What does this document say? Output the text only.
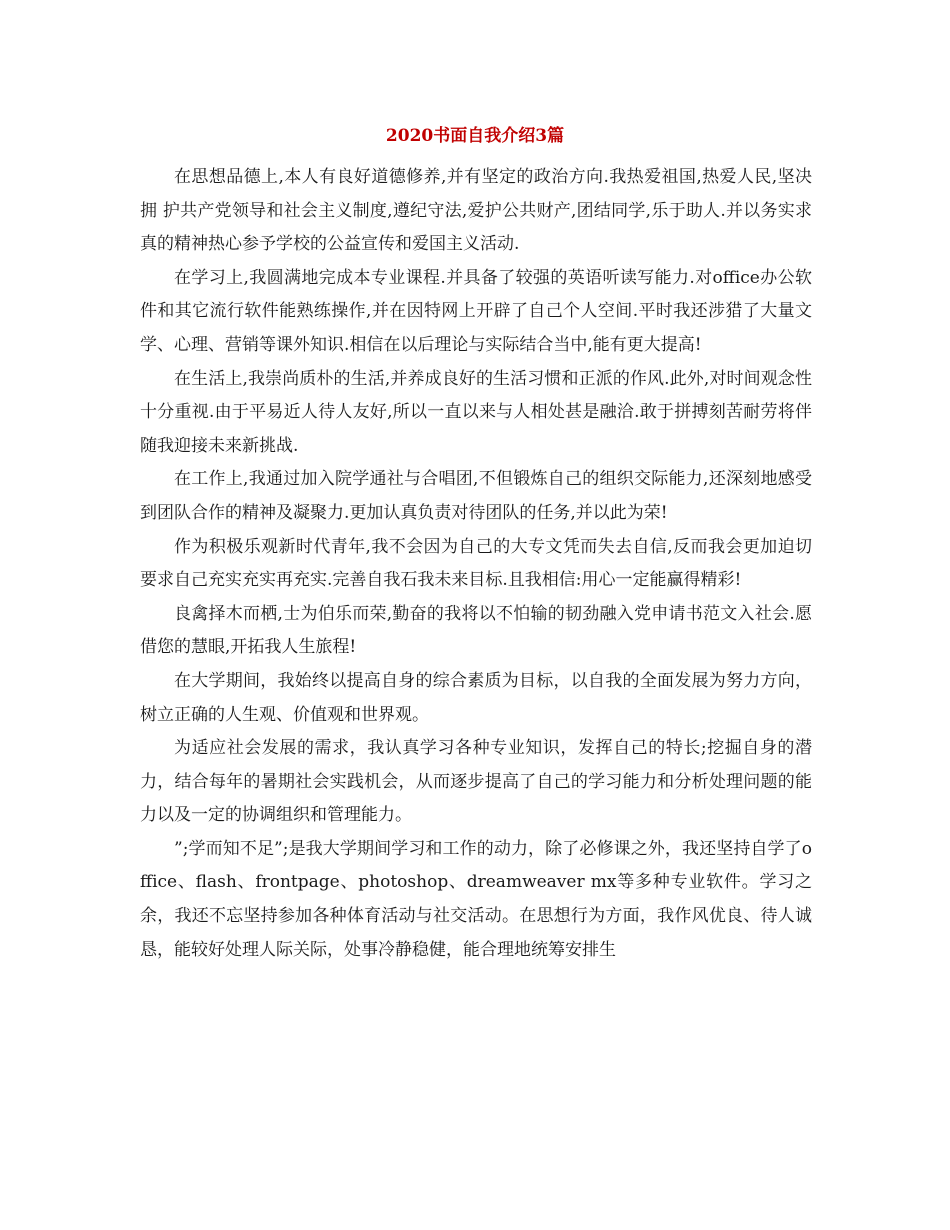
2020书面自我介绍3篇

在思想品德上,本人有良好道德修养,并有坚定的政治方向.我热爱祖国,热爱人民,坚决拥 护共产党领导和社会主义制度,遵纪守法,爱护公共财产,团结同学,乐于助人.并以务实求真的精神热心参予学校的公益宣传和爱国主义活动.

在学习上,我圆满地完成本专业课程.并具备了较强的英语听读写能力.对office办公软件和其它流行软件能熟练操作,并在因特网上开辟了自己个人空间.平时我还涉猎了大量文学、心理、营销等课外知识.相信在以后理论与实际结合当中,能有更大提高!

在生活上,我崇尚质朴的生活,并养成良好的生活习惯和正派的作风.此外,对时间观念性十分重视.由于平易近人待人友好,所以一直以来与人相处甚是融洽.敢于拼搏刻苦耐劳将伴随我迎接未来新挑战.

在工作上,我通过加入院学通社与合唱团,不但锻炼自己的组织交际能力,还深刻地感受到团队合作的精神及凝聚力.更加认真负责对待团队的任务,并以此为荣!

作为积极乐观新时代青年,我不会因为自己的大专文凭而失去自信,反而我会更加迫切要求自己充实充实再充实.完善自我石我未来目标.且我相信:用心一定能赢得精彩!

良禽择木而栖,士为伯乐而荣,勤奋的我将以不怕输的韧劲融入党申请书范文入社会.愿借您的慧眼,开拓我人生旅程!

在大学期间，我始终以提高自身的综合素质为目标，以自我的全面发展为努力方向，树立正确的人生观、价值观和世界观。

为适应社会发展的需求，我认真学习各种专业知识，发挥自己的特长;挖掘自身的潜力，结合每年的暑期社会实践机会，从而逐步提高了自己的学习能力和分析处理问题的能力以及一定的协调组织和管理能力。

”;学而知不足”;是我大学期间学习和工作的动力，除了必修课之外，我还坚持自学了office、flash、frontpage、photoshop、dreamweaver mx等多种专业软件。学习之余，我还不忘坚持参加各种体育活动与社交活动。在思想行为方面，我作风优良、待人诚恳，能较好处理人际关际，处事冷静稳健，能合理地统筹安排生
